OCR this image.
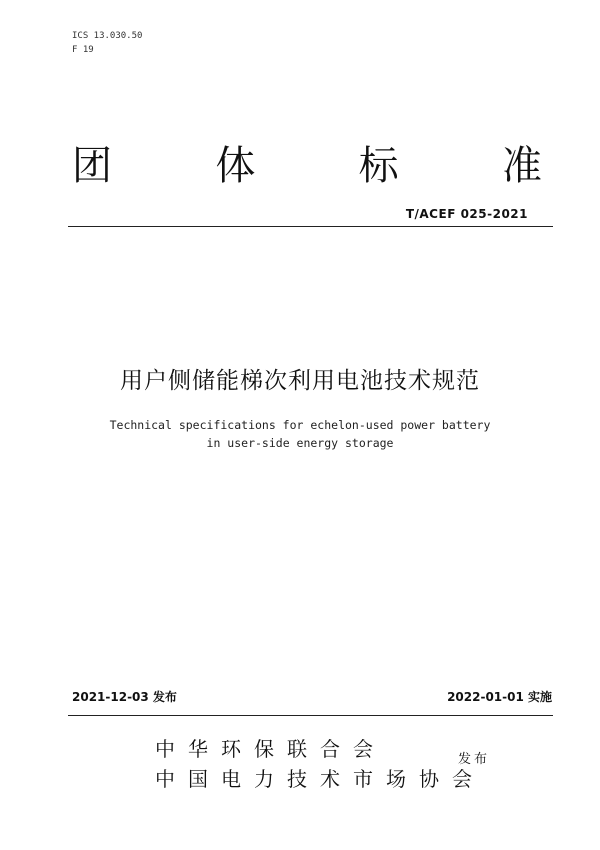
ICS 13.030.50
F 19
团	体	标	准
T/ACEF 025-2021
用户侧储能梯次利用电池技术规范
Technical specifications for echelon-used power battery
in user-side energy storage
2021-12-03 发布	2022-01-01 实施
中华环保联合会
中国电力技术市场协会
发布
